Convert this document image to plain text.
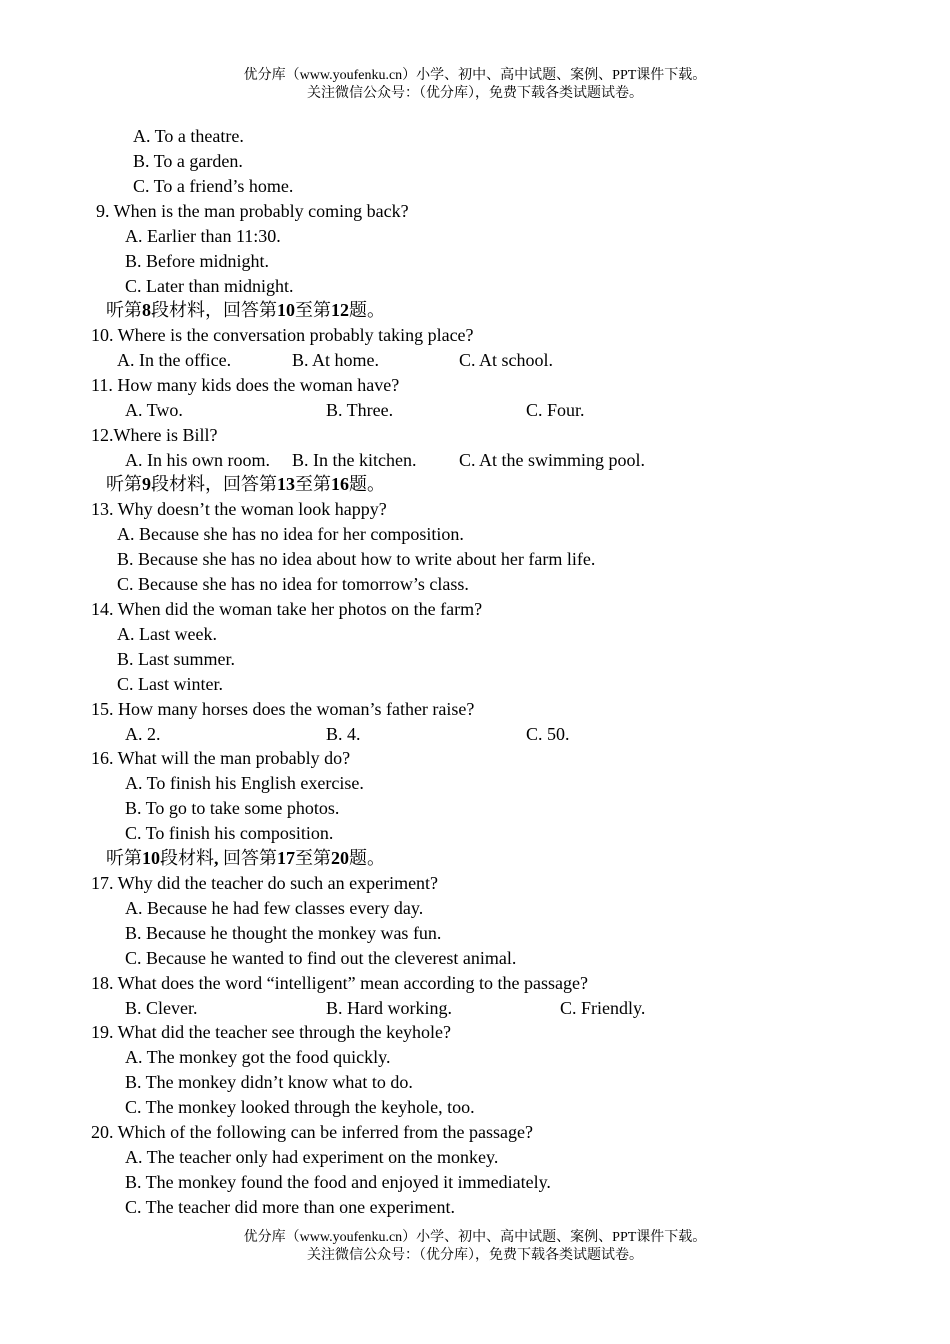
优分库（www.youfenku.cn）小学、初中、高中试题、案例、PPT课件下载。
关注微信公众号：（优分库），免费下载各类试题试卷。
A. To a theatre.
B. To a garden.
C. To a friend’s home.
9. When is the man probably coming back?
A. Earlier than 11:30.
B. Before midnight.
C. Later than midnight.
听第8段材料，回答第10至第12题。
10. Where is the conversation probably taking place?
A. In the office.	B. At home.	C. At school.
11. How many kids does the woman have?
A. Two.	B. Three.	C. Four.
12.Where is Bill?
A. In his own room. B. In the kitchen. C. At the swimming pool.
听第9段材料，回答第13至第16题。
13. Why doesn’t the woman look happy?
A. Because she has no idea for her composition.
B. Because she has no idea about how to write about her farm life.
C. Because she has no idea for tomorrow’s class.
14. When did the woman take her photos on the farm?
A. Last week.
B. Last summer.
C. Last winter.
15. How many horses does the woman’s father raise?
A. 2.	B. 4.	C. 50.
16. What will the man probably do?
A. To finish his English exercise.
B. To go to take some photos.
C. To finish his composition.
听第10段材料, 回答第17至第20题。
17. Why did the teacher do such an experiment?
A. Because he had few classes every day.
B. Because he thought the monkey was fun.
C. Because he wanted to find out the cleverest animal.
18. What does the word “intelligent” mean according to the passage?
B. Clever.	B. Hard working.	C. Friendly.
19. What did the teacher see through the keyhole?
A. The monkey got the food quickly.
B. The monkey didn’t know what to do.
C. The monkey looked through the keyhole, too.
20. Which of the following can be inferred from the passage?
A. The teacher only had experiment on the monkey.
B. The monkey found the food and enjoyed it immediately.
C. The teacher did more than one experiment.
优分库（www.youfenku.cn）小学、初中、高中试题、案例、PPT课件下载。
关注微信公众号：（优分库），免费下载各类试题试卷。
